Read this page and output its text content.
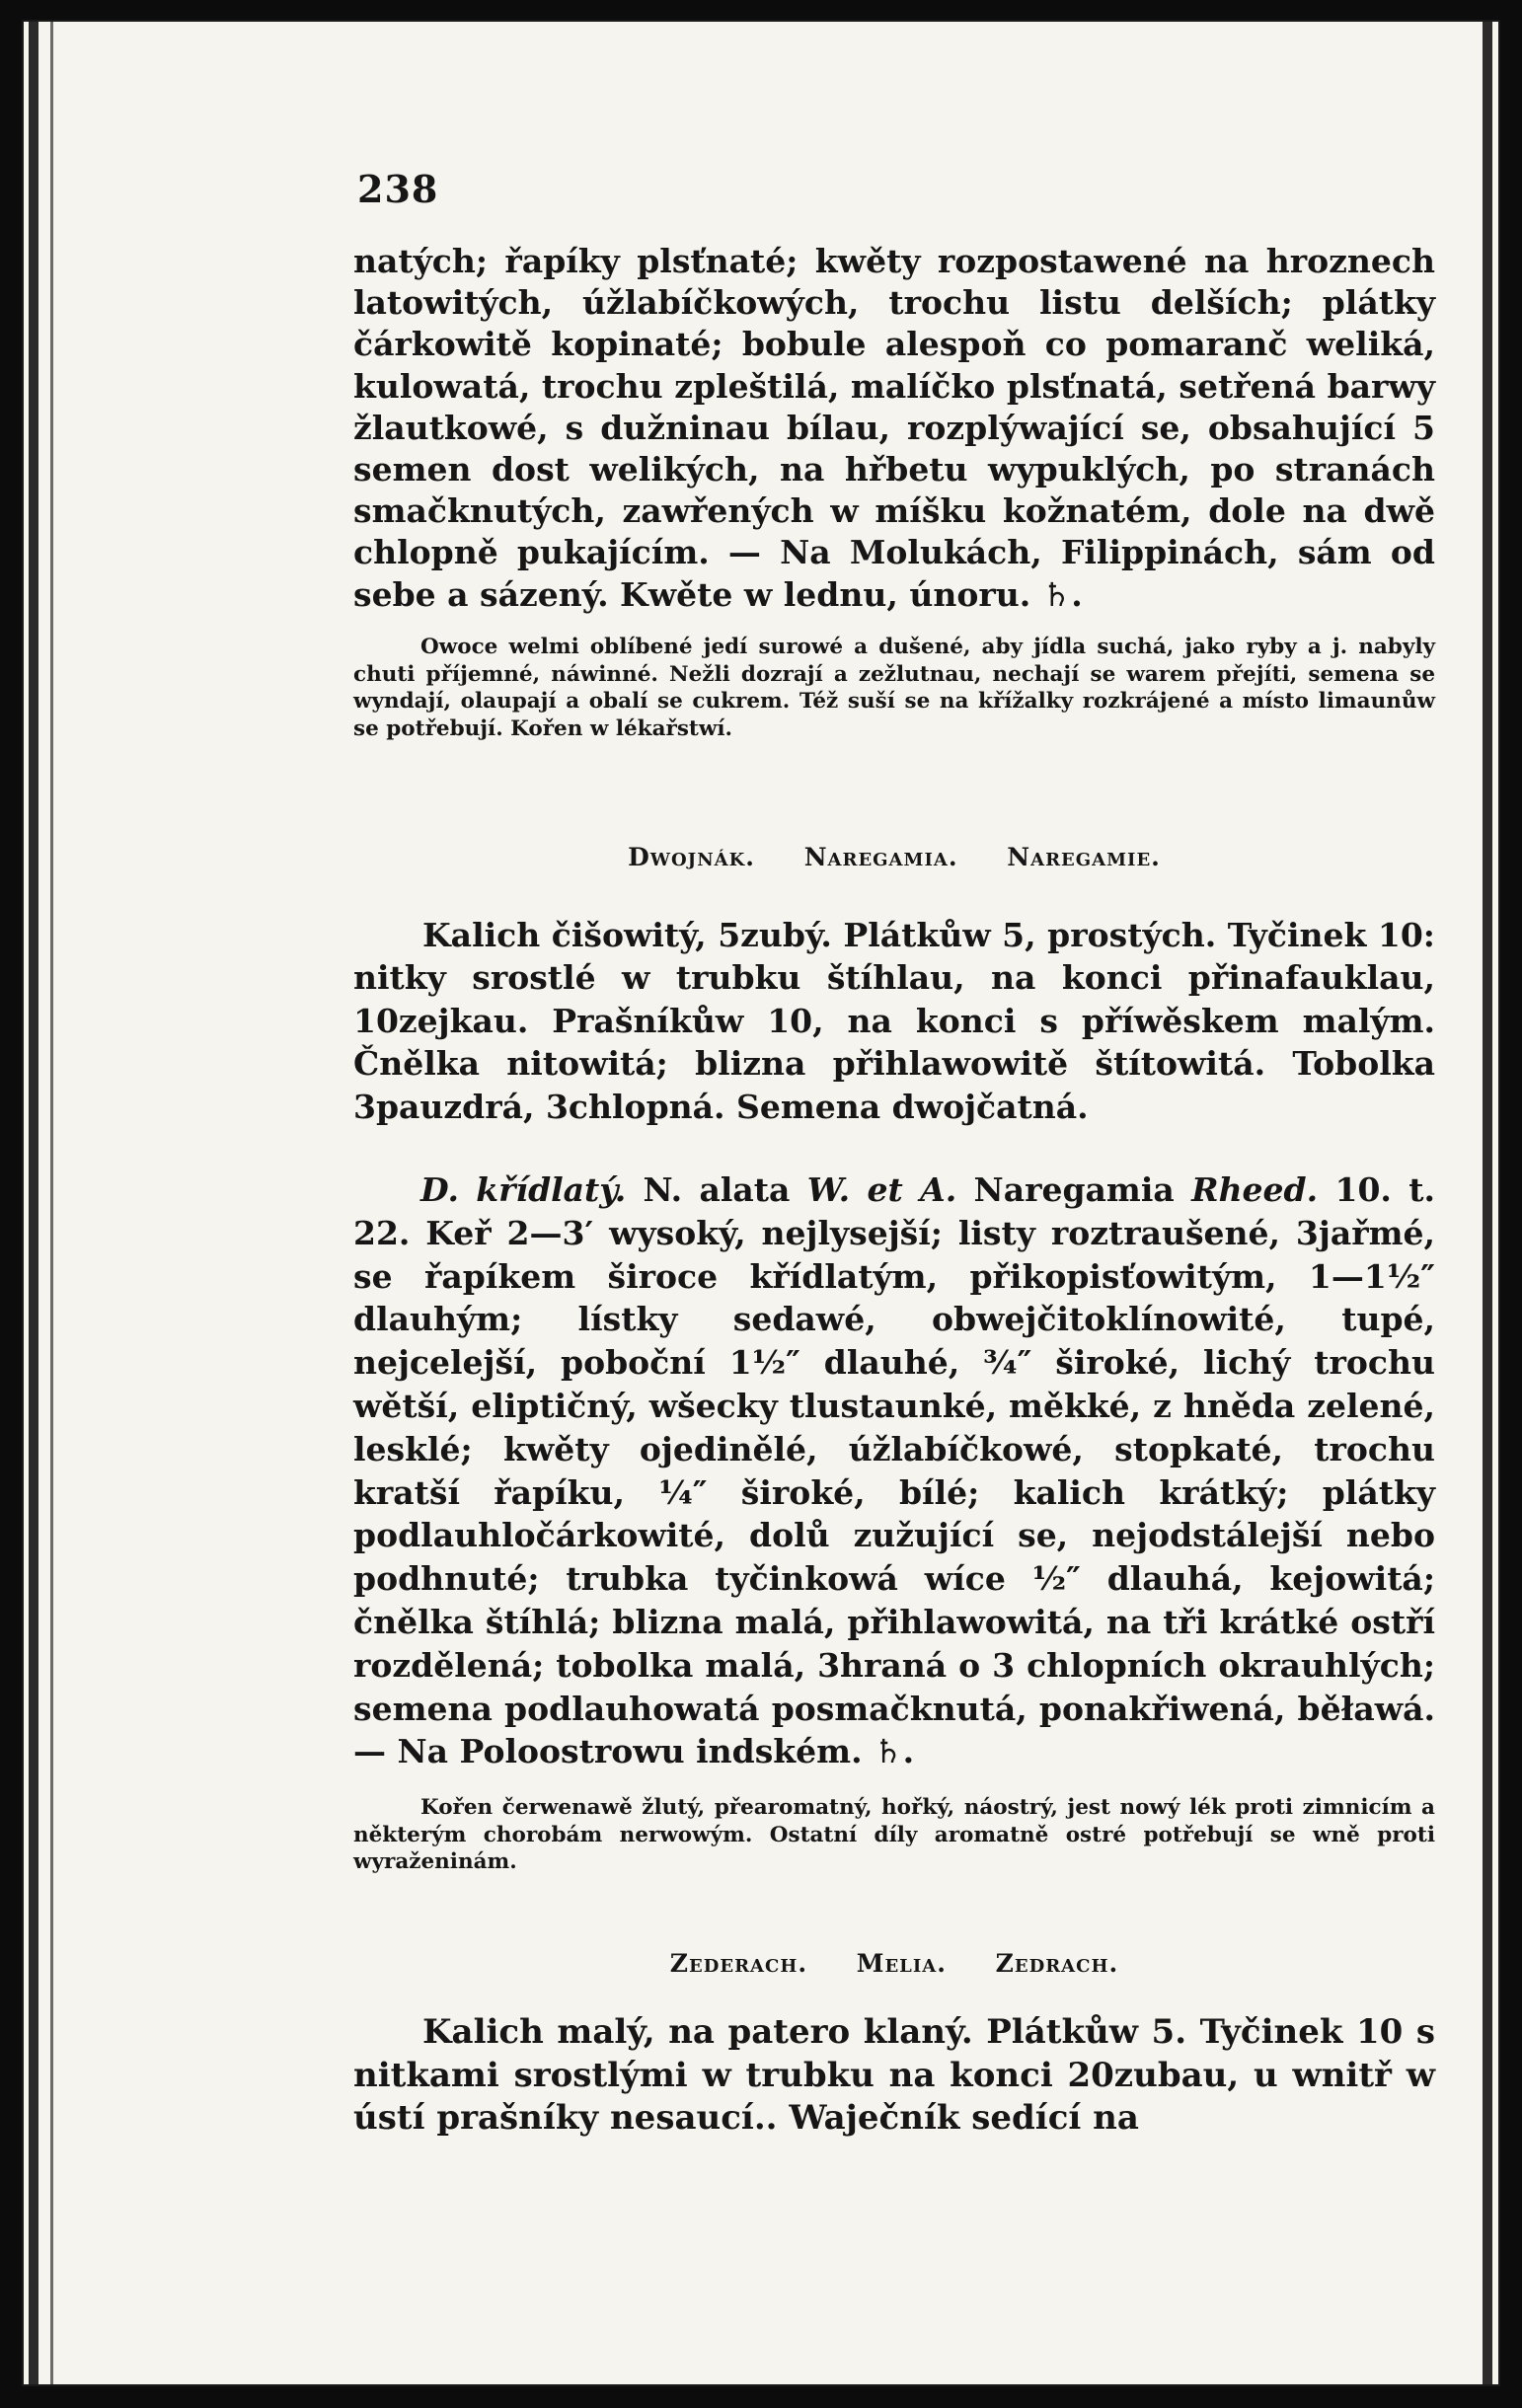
238

natých; řapíky plsťnaté; kwěty rozpostawené na hroznech latowitých, úžlabíčkowých, trochu listu delších; plátky čárkowitě kopinaté; bobule alespoň co pomaranč weliká, kulowatá, trochu zpleštilá, malíčko plsťnatá, setřená barwy žlautkowé, s dužninau bílau, rozplýwající se, obsahující 5 semen dost welikých, na hřbetu wypuklých, po stranách smačknutých, zawřených w míšku kožnatém, dole na dwě chlopně pukajícím. — Na Molukách, Filippinách, sám od sebe a sázený. Kwěte w lednu, únoru. ♄.

Owoce welmi oblíbené jedí surowé a dušené, aby jídla suchá, jako ryby a j. nabyly chuti příjemné, náwinné. Nežli dozrají a zežlutnau, nechají se warem přejíti, semena se wyndají, olaupají a obalí se cukrem. Též suší se na křížalky rozkrájené a místo limaunůw se potřebují. Kořen w lékařstwí.

Dwojnák. Naregamia. Naregamie.

Kalich čišowitý, 5zubý. Plátkůw 5, prostých. Tyčinek 10: nitky srostlé w trubku štíhlau, na konci přinafauklau, 10zejkau. Prašníkůw 10, na konci s příwěskem malým. Čnělka nitowitá; blizna přihlawowitě štítowitá. Tobolka 3pauzdrá, 3chlopná. Semena dwojčatná.

D. křídlatý. N. alata W. et A. Naregamia Rheed. 10. t. 22. Keř 2—3′ wysoký, nejlysejší; listy roztraušené, 3jařmé, se řapíkem široce křídlatým, přikopisťowitým, 1—1½″ dlauhým; lístky sedawé, obwejčitoklínowité, tupé, nejcelejší, poboční 1½″ dlauhé, ¾″ široké, lichý trochu wětší, eliptičný, wšecky tlustaunké, měkké, z hněda zelené, lesklé; kwěty ojedinělé, úžlabíčkowé, stopkaté, trochu kratší řapíku, ¼″ široké, bílé; kalich krátký; plátky podlauhločárkowité, dolů zužující se, nejodstálejší nebo podhnuté; trubka tyčinkowá wíce ½″ dlauhá, kejowitá; čnělka štíhlá; blizna malá, přihlawowitá, na tři krátké ostří rozdělená; tobolka malá, 3hraná o 3 chlopních okrauhlých; semena podlauhowatá posmačknutá, ponakřiwená, běławá. — Na Poloostrowu indském. ♄.

Kořen čerwenawě žlutý, přearomatný, hořký, náostrý, jest nowý lék proti zimnicím a některým chorobám nerwowým. Ostatní díly aromatně ostré potřebují se wně proti wyraženinám.

Zederach. Melia. Zedrach.

Kalich malý, na patero klaný. Plátkůw 5. Tyčinek 10 s nitkami srostlými w trubku na konci 20zubau, u wnitř w ústí prašníky nesaucí.. Waječník sedící na
